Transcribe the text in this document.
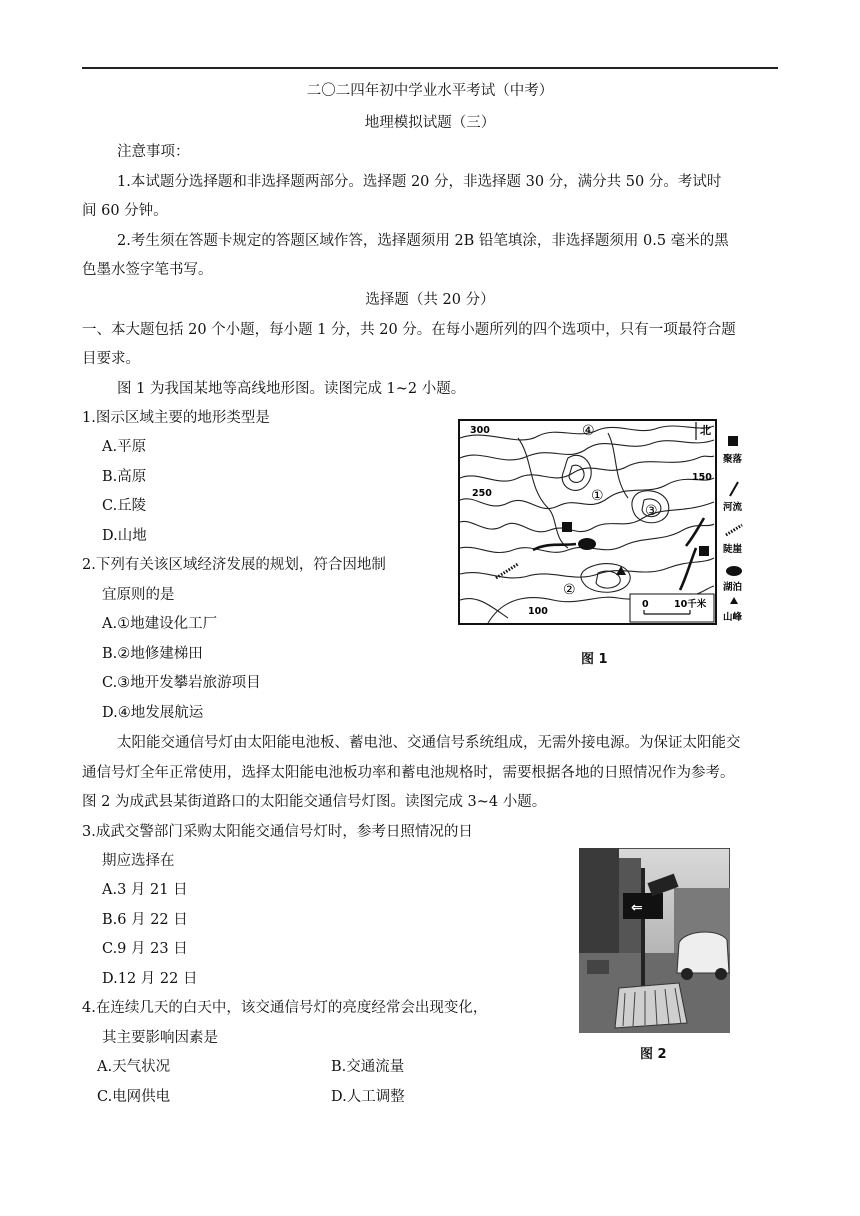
二〇二四年初中学业水平考试（中考）
地理模拟试题（三）
注意事项：
1.本试题分选择题和非选择题两部分。选择题 20 分，非选择题 30 分，满分共 50 分。考试时
间 60 分钟。
2.考生须在答题卡规定的答题区域作答，选择题须用 2B 铅笔填涂，非选择题须用 0.5 毫米的黑
色墨水签字笔书写。
选择题（共 20 分）
一、本大题包括 20 个小题，每小题 1 分，共 20 分。在每小题所列的四个选项中，只有一项最符合题
目要求。
图 1 为我国某地等高线地形图。读图完成 1~2 小题。
1.图示区域主要的地形类型是
A.平原
B.高原
C.丘陵
D.山地
2.下列有关该区域经济发展的规划，符合因地制
宜原则的是
A.①地建设化工厂
B.②地修建梯田
C.③地开发攀岩旅游项目
D.④地发展航运
300
250
150
100
①
②
③
④	北
0	10千米
聚落
河流
陡崖
湖泊
山峰
图 1
太阳能交通信号灯由太阳能电池板、蓄电池、交通信号系统组成，无需外接电源。为保证太阳能交
通信号灯全年正常使用，选择太阳能电池板功率和蓄电池规格时，需要根据各地的日照情况作为参考。
图 2 为成武县某街道路口的太阳能交通信号灯图。读图完成 3~4 小题。
3.成武交警部门采购太阳能交通信号灯时，参考日照情况的日
期应选择在
A.3 月 21 日
B.6 月 22 日
C.9 月 23 日
D.12 月 22 日
4.在连续几天的白天中，该交通信号灯的亮度经常会出现变化，
其主要影响因素是
A.天气状况	B.交通流量
C.电网供电	D.人工调整
⇐
图 2
